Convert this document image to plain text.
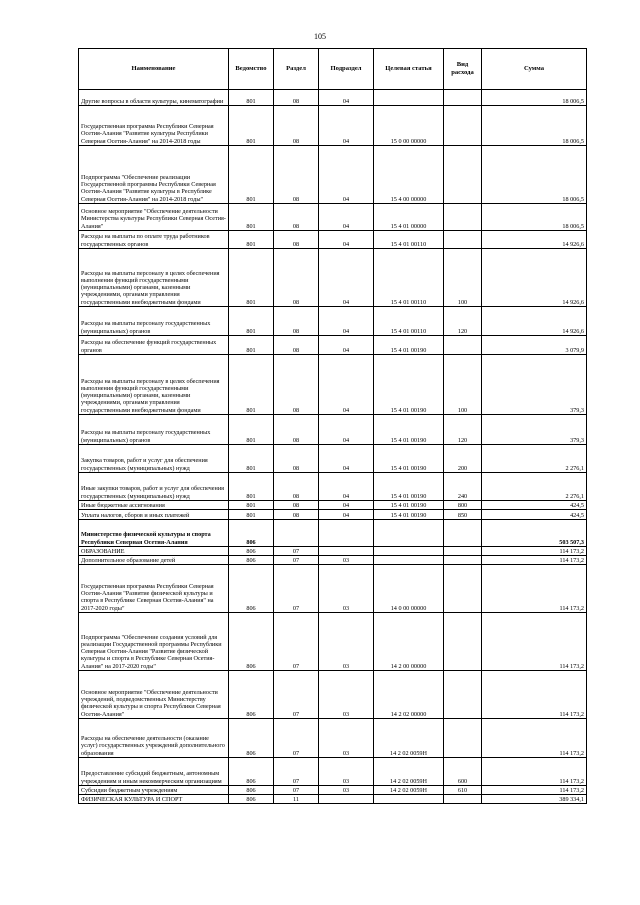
105
Наименование	Ведомство	Раздел	Подраздел	Целевая статья	Вид расхода	Сумма
Другие вопросы в области культуры, кинематографии	801	08	04			18 006,5
Государственная программа Республики Северная Осетия-Алания "Развитие культуры Республики Северная Осетия-Алания" на 2014-2018 годы	801	08	04	15 0 00 00000		18 006,5
Подпрограмма "Обеспечение реализации Государственной программы Республики Северная Осетия-Алания "Развитие культуры в Республике Северная Осетия-Алания" на 2014-2018 годы"	801	08	04	15 4 00 00000		18 006,5
Основное мероприятие "Обеспечение деятельности Министерства культуры Республики Северная Осетия-Алания"	801	08	04	15 4 01 00000		18 006,5
Расходы на выплаты по оплате труда работников государственных органов	801	08	04	15 4 01 00110		14 926,6
Расходы на выплаты персоналу в целях обеспечения выполнения функций государственными (муниципальными) органами, казенными учреждениями, органами управления государственными внебюджетными фондами	801	08	04	15 4 01 00110	100	14 926,6
Расходы на выплаты персоналу государственных (муниципальных) органов	801	08	04	15 4 01 00110	120	14 926,6
Расходы на обеспечение функций государственных органов	801	08	04	15 4 01 00190		3 079,9
Расходы на выплаты персоналу в целях обеспечения выполнения функций государственными (муниципальными) органами, казенными учреждениями, органами управления государственными внебюджетными фондами	801	08	04	15 4 01 00190	100	379,3
Расходы на выплаты персоналу государственных (муниципальных) органов	801	08	04	15 4 01 00190	120	379,3
Закупка товаров, работ и услуг для обеспечения государственных (муниципальных) нужд	801	08	04	15 4 01 00190	200	2 276,1
Иные закупки товаров, работ и услуг для обеспечения государственных (муниципальных) нужд	801	08	04	15 4 01 00190	240	2 276,1
Иные бюджетные ассигнования	801	08	04	15 4 01 00190	800	424,5
Уплата налогов, сборов и иных платежей	801	08	04	15 4 01 00190	850	424,5
Министерство физической культуры и спорта Республики Северная Осетия-Алания	806					503 507,3
ОБРАЗОВАНИЕ	806	07				114 173,2
Дополнительное образование детей	806	07	03			114 173,2
Государственная программа Республики Северная Осетия-Алания "Развитие физической культуры и спорта в Республике Северная Осетия-Алания" на 2017-2020 годы"	806	07	03	14 0 00 00000		114 173,2
Подпрограмма "Обеспечение создания условий для реализации Государственной программы Республики Северная Осетия-Алания "Развитие физической культуры и спорта в Республике Северная Осетия-Алания" на 2017-2020 годы"	806	07	03	14 2 00 00000		114 173,2
Основное мероприятие "Обеспечение деятельности учреждений, подведомственных Министерству физической культуры и спорта Республики Северная Осетия-Алания"	806	07	03	14 2 02 00000		114 173,2
Расходы на обеспечение деятельности (оказание услуг) государственных учреждений дополнительного образования	806	07	03	14 2 02 0059Н		114 173,2
Предоставление субсидий бюджетным, автономным учреждениям и иным некоммерческим организациям	806	07	03	14 2 02 0059Н	600	114 173,2
Субсидии бюджетным учреждениям	806	07	03	14 2 02 0059Н	610	114 173,2
ФИЗИЧЕСКАЯ КУЛЬТУРА И СПОРТ	806	11				389 334,1
